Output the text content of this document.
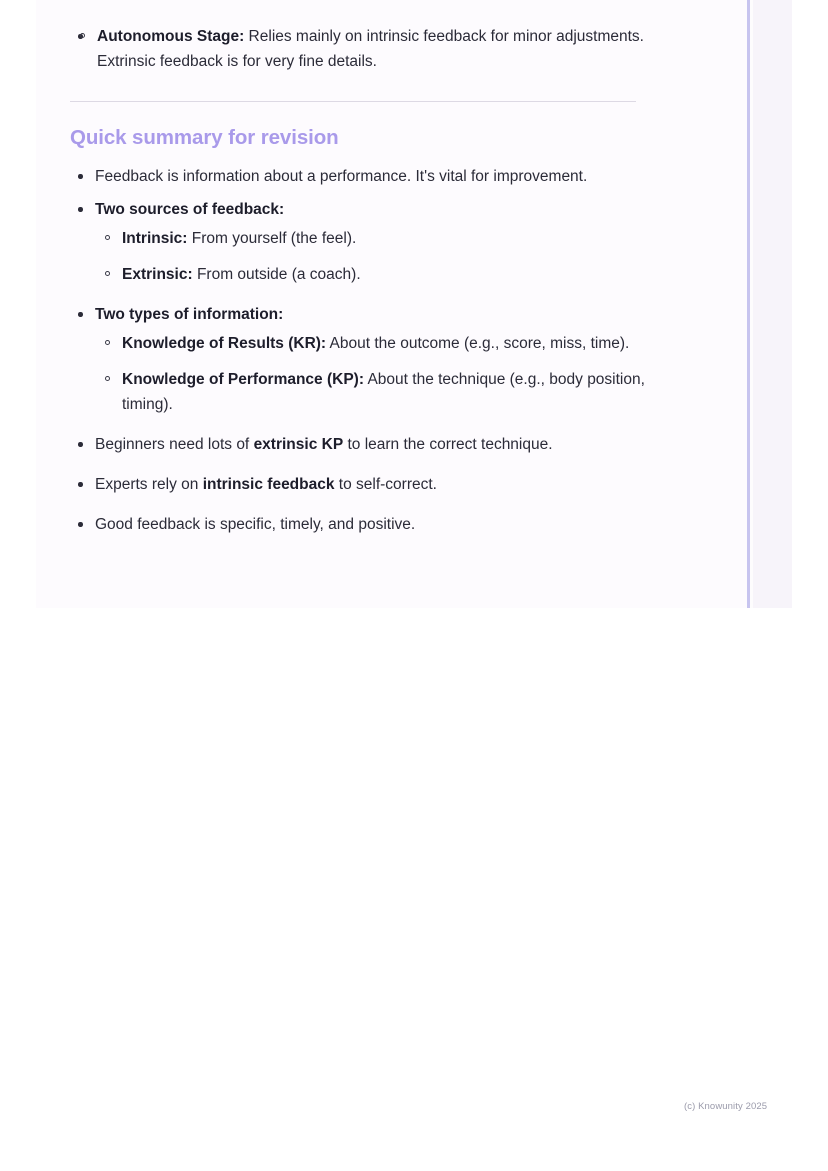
Autonomous Stage: Relies mainly on intrinsic feedback for minor adjustments. Extrinsic feedback is for very fine details.
Quick summary for revision
Feedback is information about a performance. It's vital for improvement.
Two sources of feedback:
Intrinsic: From yourself (the feel).
Extrinsic: From outside (a coach).
Two types of information:
Knowledge of Results (KR): About the outcome (e.g., score, miss, time).
Knowledge of Performance (KP): About the technique (e.g., body position, timing).
Beginners need lots of extrinsic KP to learn the correct technique.
Experts rely on intrinsic feedback to self-correct.
Good feedback is specific, timely, and positive.
(c) Knowunity 2025
